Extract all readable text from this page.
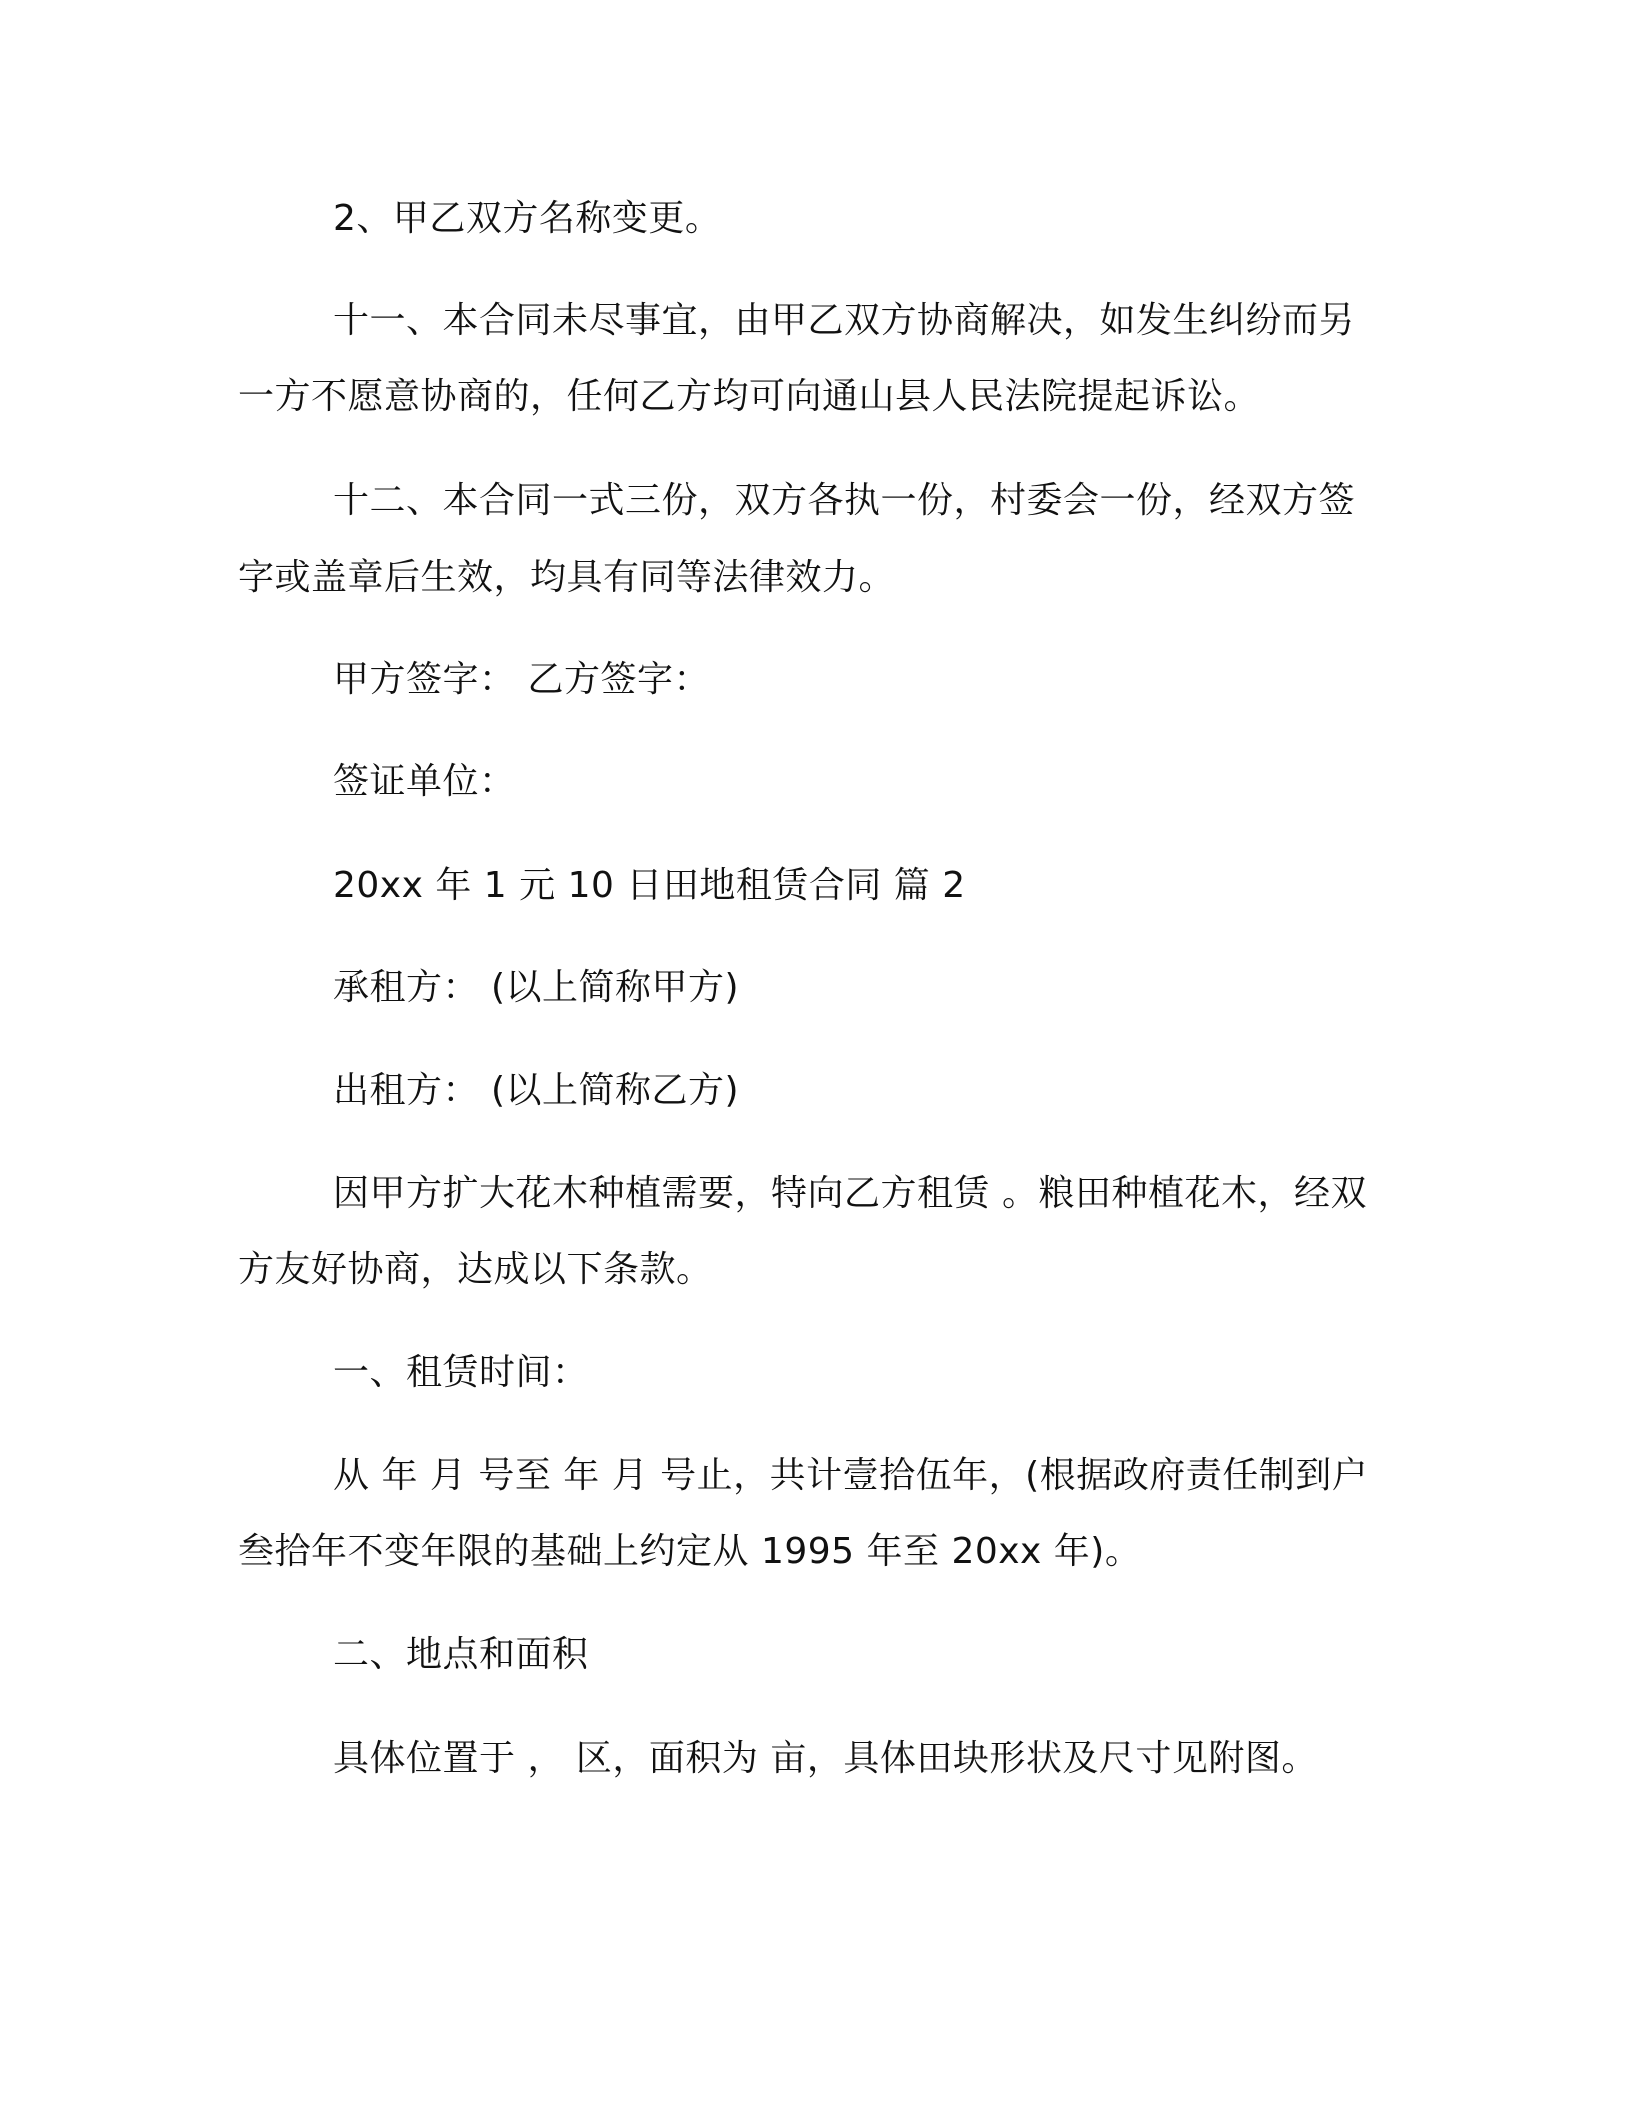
2、甲乙双方名称变更。
十一、本合同未尽事宜，由甲乙双方协商解决，如发生纠纷而另
一方不愿意协商的，任何乙方均可向通山县人民法院提起诉讼。
十二、本合同一式三份，双方各执一份，村委会一份，经双方签
字或盖章后生效，均具有同等法律效力。
甲方签字： 乙方签字：
签证单位：
20xx 年 1 元 10 日田地租赁合同 篇 2
承租方： (以上简称甲方)
出租方： (以上简称乙方)
因甲方扩大花木种植需要，特向乙方租赁 。粮田种植花木，经双
方友好协商，达成以下条款。
一、租赁时间：
从 年 月 号至 年 月 号止，共计壹拾伍年，(根据政府责任制到户
叁拾年不变年限的基础上约定从 1995 年至 20xx 年)。
二、地点和面积
具体位置于 ， 区，面积为 亩，具体田块形状及尺寸见附图。
